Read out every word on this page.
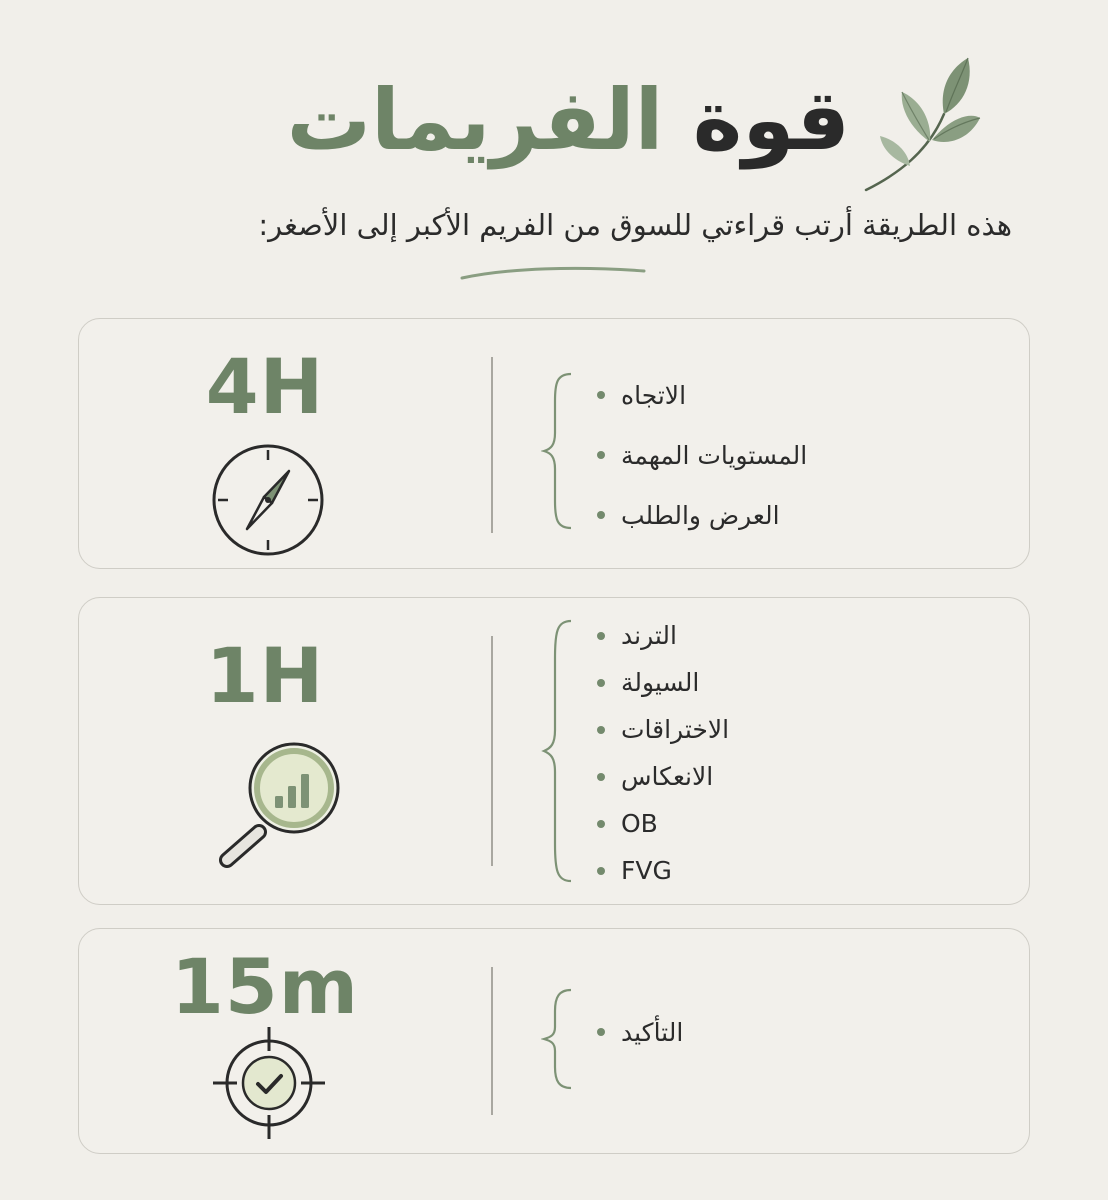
قوة الفريمات

هذه الطريقة أرتب قراءتي للسوق من الفريم الأكبر إلى الأصغر:

4H	الاتجاه
المستويات المهمة
العرض والطلب
1H	الترند
السيولة
الاختراقات
الانعكاس
OB
FVG
15m
التأكيد
